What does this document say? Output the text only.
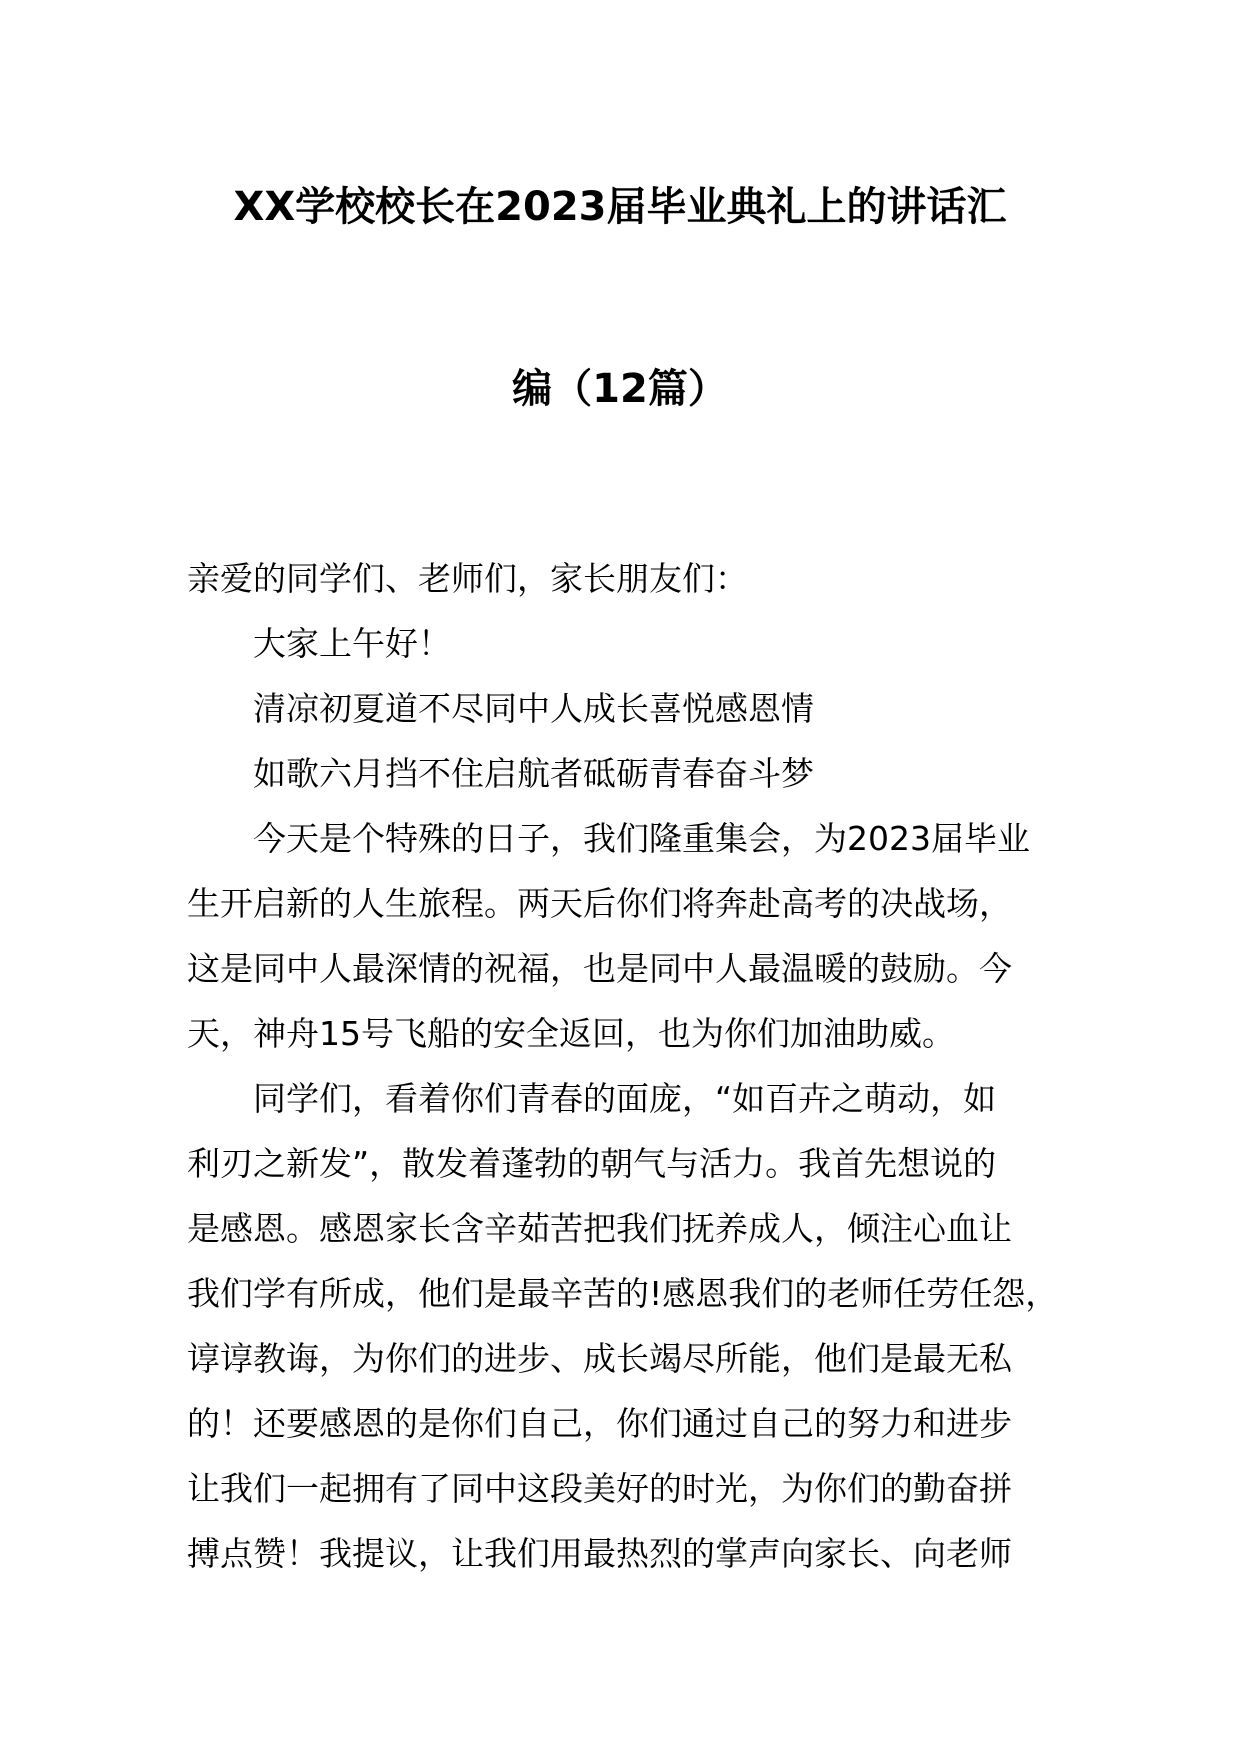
XX学校校长在2023届毕业典礼上的讲话汇
编（12篇）

亲爱的同学们、老师们，家长朋友们：

大家上午好！

清凉初夏道不尽同中人成长喜悦感恩情

如歌六月挡不住启航者砥砺青春奋斗梦

今天是个特殊的日子，我们隆重集会，为2023届毕业

生开启新的人生旅程。两天后你们将奔赴高考的决战场，

这是同中人最深情的祝福，也是同中人最温暖的鼓励。今

天，神舟15号飞船的安全返回，也为你们加油助威。

同学们，看着你们青春的面庞，“如百卉之萌动，如

利刃之新发”，散发着蓬勃的朝气与活力。我首先想说的

是感恩。感恩家长含辛茹苦把我们抚养成人，倾注心血让

我们学有所成，他们是最辛苦的!感恩我们的老师任劳任怨，

谆谆教诲，为你们的进步、成长竭尽所能，他们是最无私

的！还要感恩的是你们自己，你们通过自己的努力和进步

让我们一起拥有了同中这段美好的时光，为你们的勤奋拼

搏点赞！我提议，让我们用最热烈的掌声向家长、向老师
